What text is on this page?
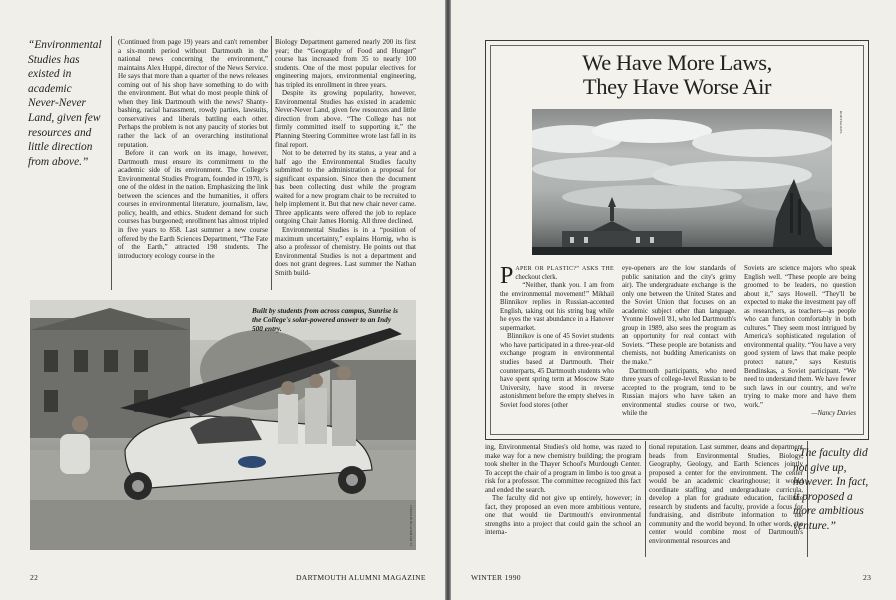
“Environmental Studies has existed in academic Never-Never Land, given few resources and little direction from above.”

(Continued from page 19) years and can't remember a six-month period without Dartmouth in the national news concerning the environment,” maintains Alex Huppé, director of the News Service. He says that more than a quarter of the news releases coming out of his shop have something to do with the environment. But what do most people think of when they link Dartmouth with the news? Shanty-bashing, racial harassment, rowdy parties, lawsuits, conservatives and liberals battling each other. Perhaps the problem is not any paucity of stories but rather the lack of an overarching institutional reputation.

Before it can work on its image, however, Dartmouth must ensure its commitment to the academic side of its environment. The College's Environmental Studies Program, founded in 1970, is one of the oldest in the nation. Emphasizing the link between the sciences and the humanities, it offers courses in environmental literature, journalism, law, policy, health, and ethics. Student demand for such courses has burgeoned; enrollment has almost tripled in five years to 858. Last summer a new course offered by the Earth Sciences Department, “The Fate of the Earth,” attracted 198 students. The introductory ecology course in the

Biology Department garnered nearly 200 its first year; the “Geography of Food and Hunger” course has increased from 35 to nearly 100 students. One of the most popular electives for engineering majors, environmental engineering, has tripled its enrollment in three years.

Despite its growing popularity, however, Environmental Studies has existed in academic Never-Never Land, given few resources and little direction from above. “The College has not firmly committed itself to supporting it,” the Planning Steering Committee wrote last fall in its final report.

Not to be deterred by its status, a year and a half ago the Environmental Studies faculty submitted to the administration a proposal for significant expansion. Since then the document has been collecting dust while the program waited for a new program chair to be recruited to help implement it. But that new chair never came. Three applicants were offered the job to replace outgoing Chair James Hornig. All three declined.

Environmental Studies is in a “position of maximum uncertainty,” explains Hornig, who is also a professor of chemistry. He points out that Environmental Studies is not a department and does not grant degrees. Last summer the Nathan Smith build-

Built by students from across campus, Sunrise is the College's solar-powered answer to an Indy 500 entry.
CHARLIE BLACKHAM '71
22	DARTMOUTH ALUMNI MAGAZINE
We Have More Laws,
They Have Worse Air
ROD HAGUES

PAPER OR PLASTIC?” ASKS THE checkout clerk.

“Neither, thank you. I am from the environmental movement!” Mikhail Blinnikov replies in Russian-accented English, taking out his string bag while he eyes the vast abundance in a Hanover supermarket.

Blinnikov is one of 45 Soviet students who have participated in a three-year-old exchange program in environmental studies based at Dartmouth. Their counterparts, 45 Dartmouth students who have spent spring term at Moscow State University, have stood in reverse astonishment before the empty shelves in Soviet food stores (other

eye-openers are the low standards of public sanitation and the city's grimy air). The undergraduate exchange is the only one between the United States and the Soviet Union that focuses on an academic subject other than language. Yvonne Howell '81, who led Dartmouth's group in 1989, also sees the program as an opportunity for real contact with Soviets. “These people are botanists and chemists, not budding Americanists on the make.”

Dartmouth participants, who need three years of college-level Russian to be accepted to the program, tend to be Russian majors who have taken an environmental studies course or two, while the

Soviets are science majors who speak English well. “These people are being groomed to be leaders, no question about it,” says Howell. “They'll be expected to make the investment pay off as researchers, as teachers—as people who can function comfortably in both cultures.” They seem most intrigued by America's sophisticated regulation of environmental quality. “You have a very good system of laws that make people protect nature,” says Kestutis Bendinskas, a Soviet participant. “We need to understand them. We have fewer such laws in our country, and we're trying to make more and have them work.”

—Nancy Davies

ing, Environmental Studies's old home, was razed to make way for a new chemistry building; the program took shelter in the Thayer School's Murdough Center. To accept the chair of a program in limbo is too great a risk for a professor. The committee recognized this fact and ended the search.

The faculty did not give up entirely, however; in fact, they proposed an even more ambitious venture, one that would tie Dartmouth's environmental strengths into a project that could gain the school an interna-

tional reputation. Last summer, deans and department heads from Environmental Studies, Biology, Geography, Geology, and Earth Sciences jointly proposed a center for the environment. The center would be an academic clearinghouse; it would coordinate staffing and undergraduate curricula, develop a plan for graduate education, facilitate research by students and faculty, provide a focus for fundraising, and distribute information to the community and the world beyond. In other words, the center would combine most of Dartmouth's environmental resources and

“The faculty did not give up, however. In fact, it proposed a more ambitious venture.”
WINTER 1990	23
